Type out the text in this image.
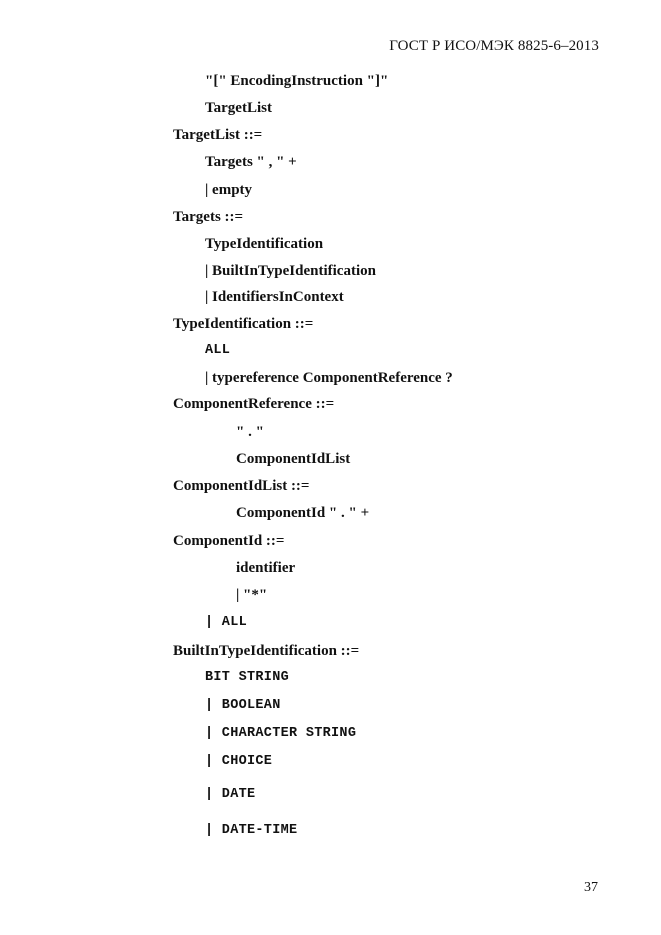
ГОСТ Р ИСО/МЭК 8825-6–2013
"[" EncodingInstruction "]"
TargetList
TargetList ::=
Targets " , " +
| empty
Targets ::=
TypeIdentification
| BuiltInTypeIdentification
| IdentifiersInContext
TypeIdentification ::=
ALL
| typereference ComponentReference ?
ComponentReference ::=
" . "
ComponentIdList
ComponentIdList ::=
ComponentId " . " +
ComponentId ::=
identifier
| "*"
| ALL
BuiltInTypeIdentification ::=
BIT STRING
| BOOLEAN
| CHARACTER STRING
| CHOICE
| DATE
| DATE-TIME
37
